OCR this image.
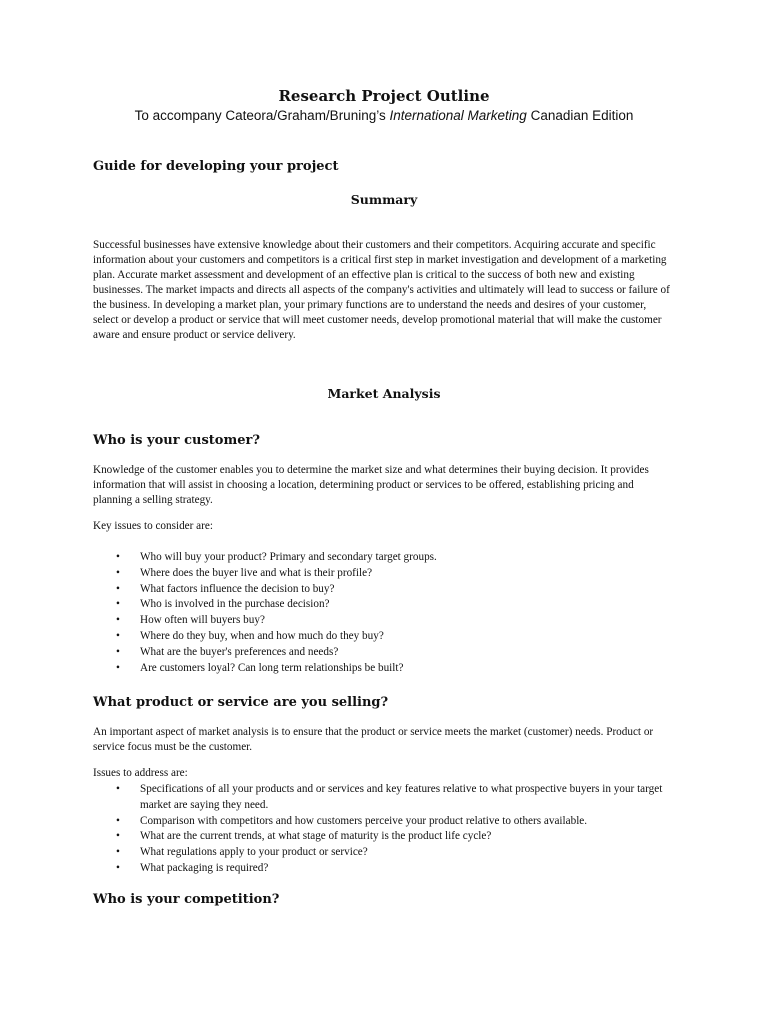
Research Project Outline
To accompany Cateora/Graham/Bruning’s International Marketing Canadian Edition
Guide for developing your project
Summary
Successful businesses have extensive knowledge about their customers and their competitors. Acquiring accurate and specific information about your customers and competitors is a critical first step in market investigation and development of a marketing plan. Accurate market assessment and development of an effective plan is critical to the success of both new and existing businesses. The market impacts and directs all aspects of the company's activities and ultimately will lead to success or failure of the business. In developing a market plan, your primary functions are to understand the needs and desires of your customer, select or develop a product or service that will meet customer needs, develop promotional material that will make the customer aware and ensure product or service delivery.
Market Analysis
Who is your customer?
Knowledge of the customer enables you to determine the market size and what determines their buying decision. It provides information that will assist in choosing a location, determining product or services to be offered, establishing pricing and planning a selling strategy.
Key issues to consider are:
• Who will buy your product? Primary and secondary target groups.
• Where does the buyer live and what is their profile?
• What factors influence the decision to buy?
• Who is involved in the purchase decision?
• How often will buyers buy?
• Where do they buy, when and how much do they buy?
• What are the buyer's preferences and needs?
• Are customers loyal? Can long term relationships be built?
What product or service are you selling?
An important aspect of market analysis is to ensure that the product or service meets the market (customer) needs. Product or service focus must be the customer.
Issues to address are:
• Specifications of all your products and or services and key features relative to what prospective buyers in your target market are saying they need.
• Comparison with competitors and how customers perceive your product relative to others available.
• What are the current trends, at what stage of maturity is the product life cycle?
• What regulations apply to your product or service?
• What packaging is required?
Who is your competition?
